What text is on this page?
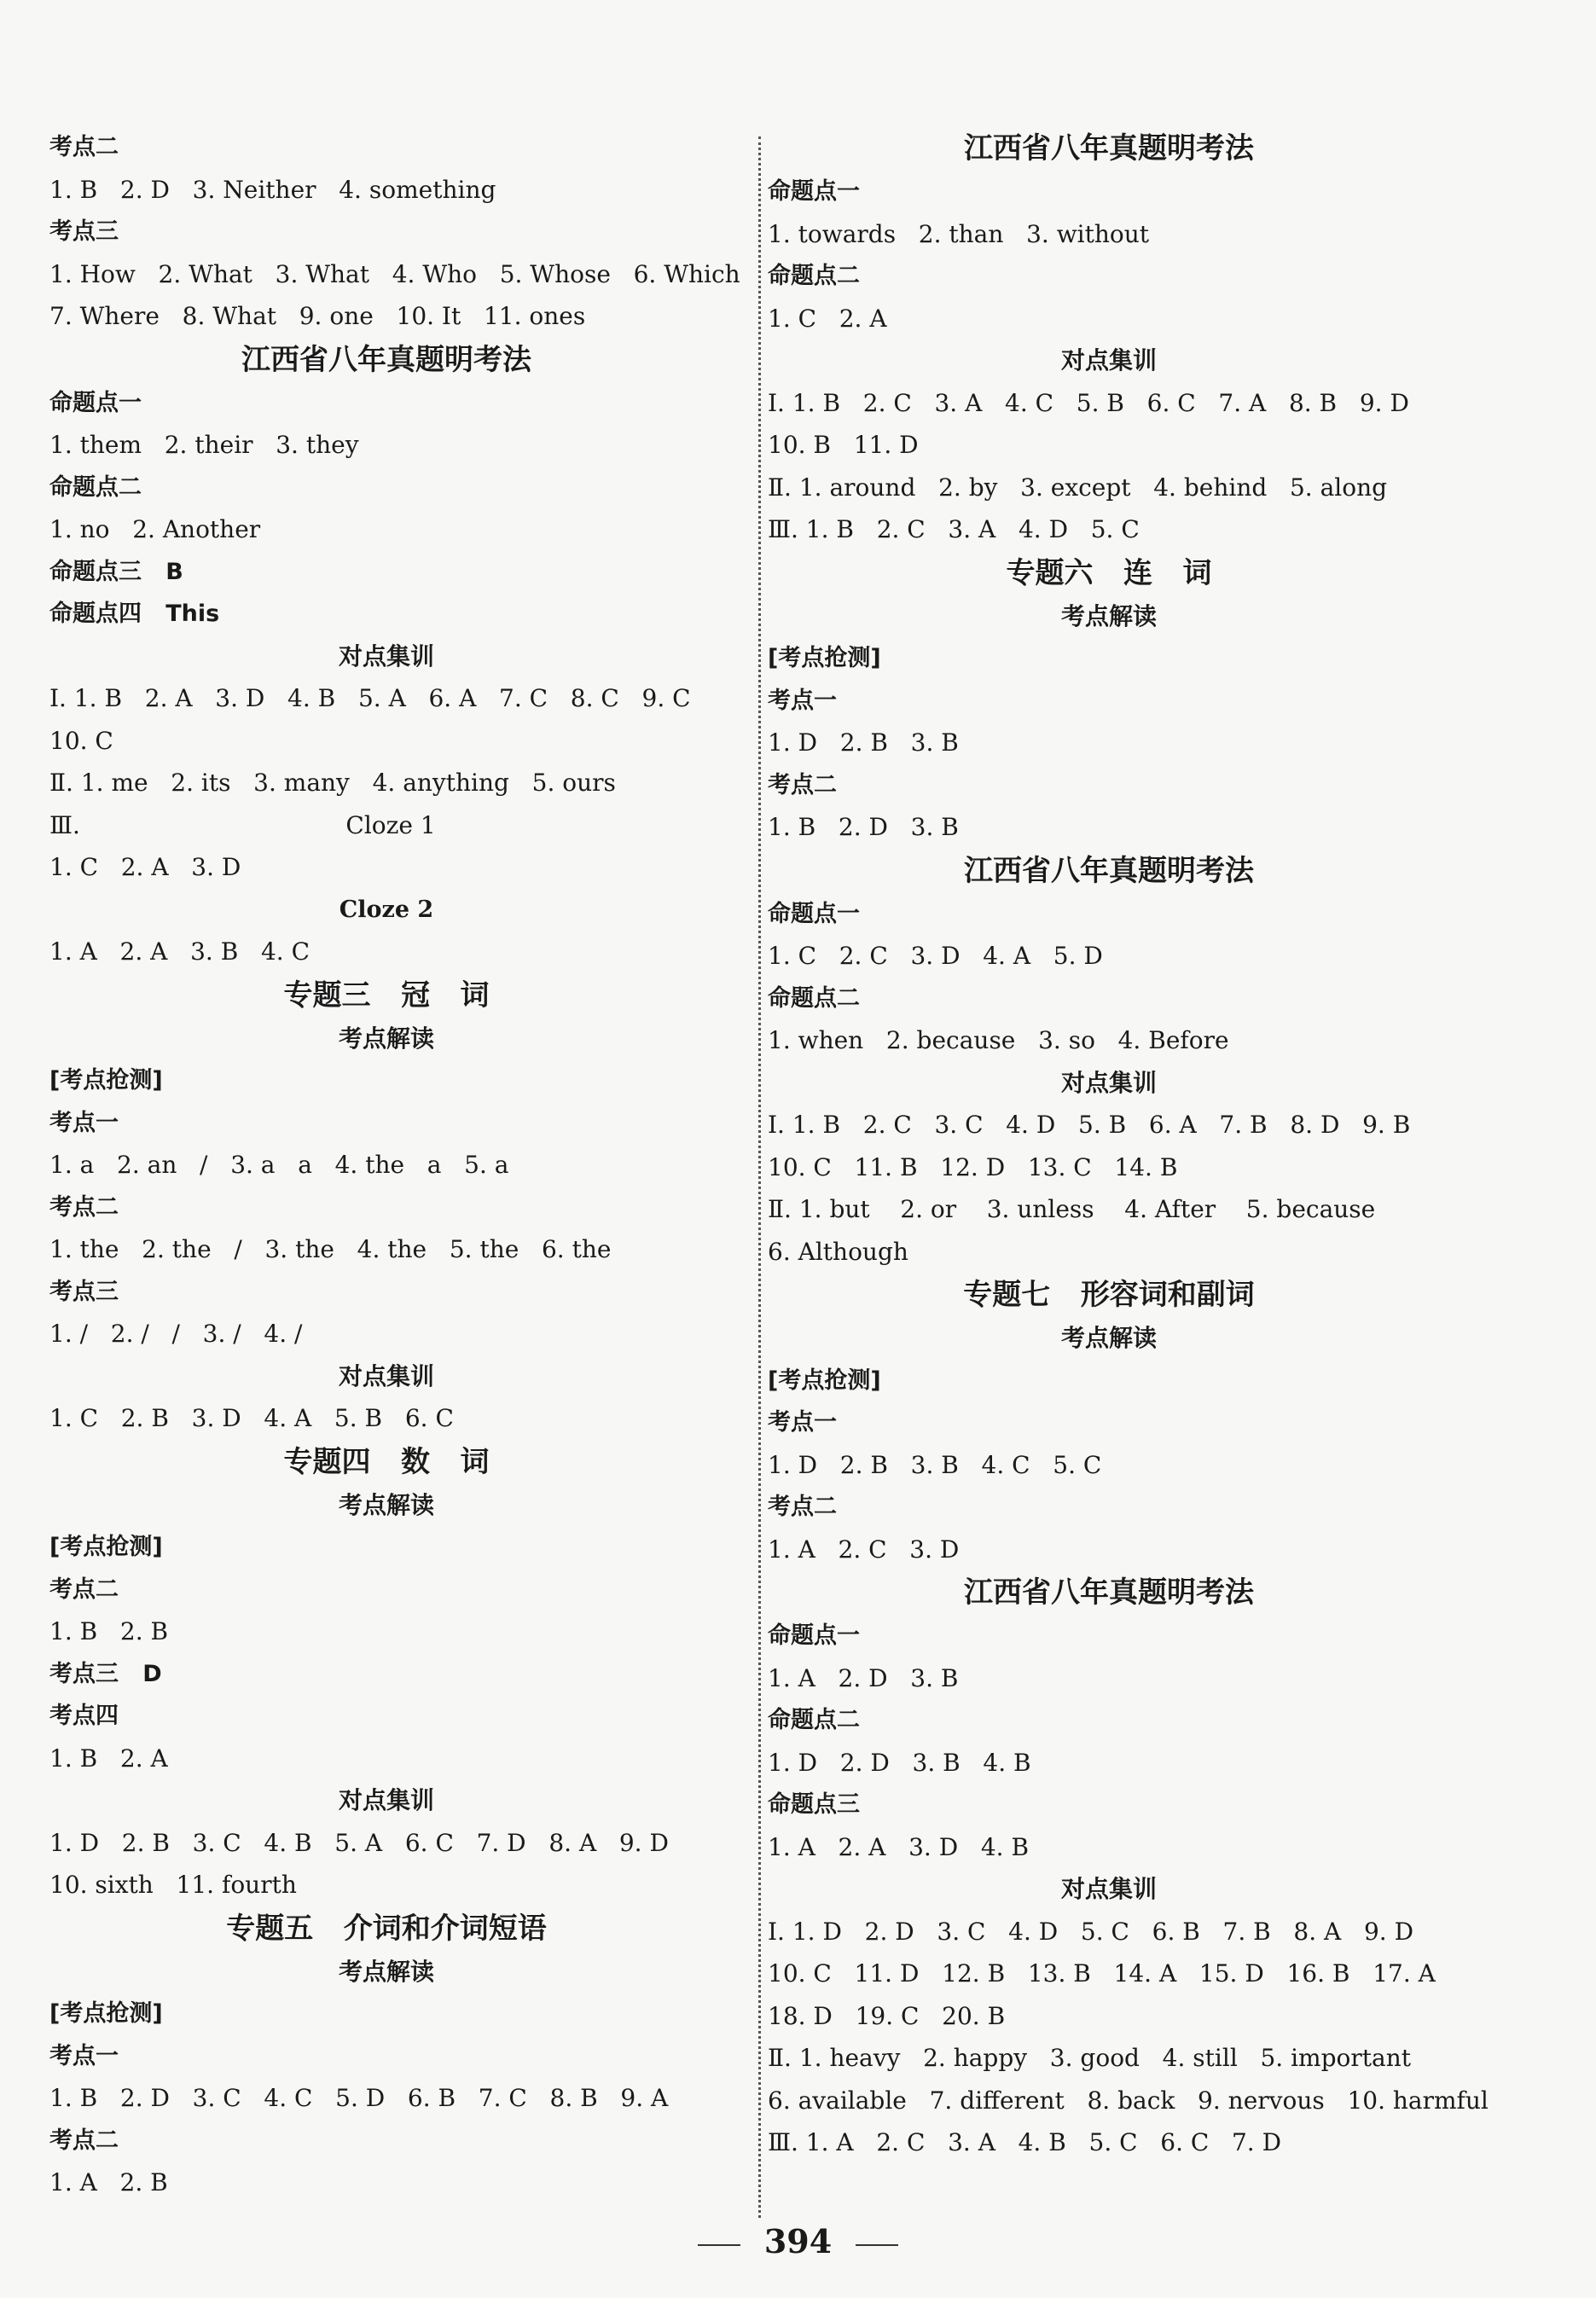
考点二
1. B   2. D   3. Neither   4. something
考点三
1. How   2. What   3. What   4. Who   5. Whose   6. Which
7. Where   8. What   9. one   10. It   11. ones
江西省八年真题明考法
命题点一
1. them   2. their   3. they
命题点二
1. no   2. Another
命题点三   B
命题点四   This
对点集训
Ⅰ. 1. B   2. A   3. D   4. B   5. A   6. A   7. C   8. C   9. C
10. C
Ⅱ. 1. me   2. its   3. many   4. anything   5. ours
Ⅲ.                                   Cloze 1
1. C   2. A   3. D
Cloze 2
1. A   2. A   3. B   4. C
专题三   冠   词
考点解读
[考点抢测]
考点一
1. a   2. an   /   3. a   a   4. the   a   5. a
考点二
1. the   2. the   /   3. the   4. the   5. the   6. the
考点三
1. /   2. /   /   3. /   4. /
对点集训
1. C   2. B   3. D   4. A   5. B   6. C
专题四   数   词
考点解读
[考点抢测]
考点二
1. B   2. B
考点三   D
考点四
1. B   2. A
对点集训
1. D   2. B   3. C   4. B   5. A   6. C   7. D   8. A   9. D
10. sixth   11. fourth
专题五   介词和介词短语
考点解读
[考点抢测]
考点一
1. B   2. D   3. C   4. C   5. D   6. B   7. C   8. B   9. A
考点二
1. A   2. B
江西省八年真题明考法
命题点一
1. towards   2. than   3. without
命题点二
1. C   2. A
对点集训
Ⅰ. 1. B   2. C   3. A   4. C   5. B   6. C   7. A   8. B   9. D
10. B   11. D
Ⅱ. 1. around   2. by   3. except   4. behind   5. along
Ⅲ. 1. B   2. C   3. A   4. D   5. C
专题六   连   词
考点解读
[考点抢测]
考点一
1. D   2. B   3. B
考点二
1. B   2. D   3. B
江西省八年真题明考法
命题点一
1. C   2. C   3. D   4. A   5. D
命题点二
1. when   2. because   3. so   4. Before
对点集训
Ⅰ. 1. B   2. C   3. C   4. D   5. B   6. A   7. B   8. D   9. B
10. C   11. B   12. D   13. C   14. B
Ⅱ. 1. but    2. or    3. unless    4. After    5. because
6. Although
专题七   形容词和副词
考点解读
[考点抢测]
考点一
1. D   2. B   3. B   4. C   5. C
考点二
1. A   2. C   3. D
江西省八年真题明考法
命题点一
1. A   2. D   3. B
命题点二
1. D   2. D   3. B   4. B
命题点三
1. A   2. A   3. D   4. B
对点集训
Ⅰ. 1. D   2. D   3. C   4. D   5. C   6. B   7. B   8. A   9. D
10. C   11. D   12. B   13. B   14. A   15. D   16. B   17. A
18. D   19. C   20. B
Ⅱ. 1. heavy   2. happy   3. good   4. still   5. important
6. available   7. different   8. back   9. nervous   10. harmful
Ⅲ. 1. A   2. C   3. A   4. B   5. C   6. C   7. D
394
